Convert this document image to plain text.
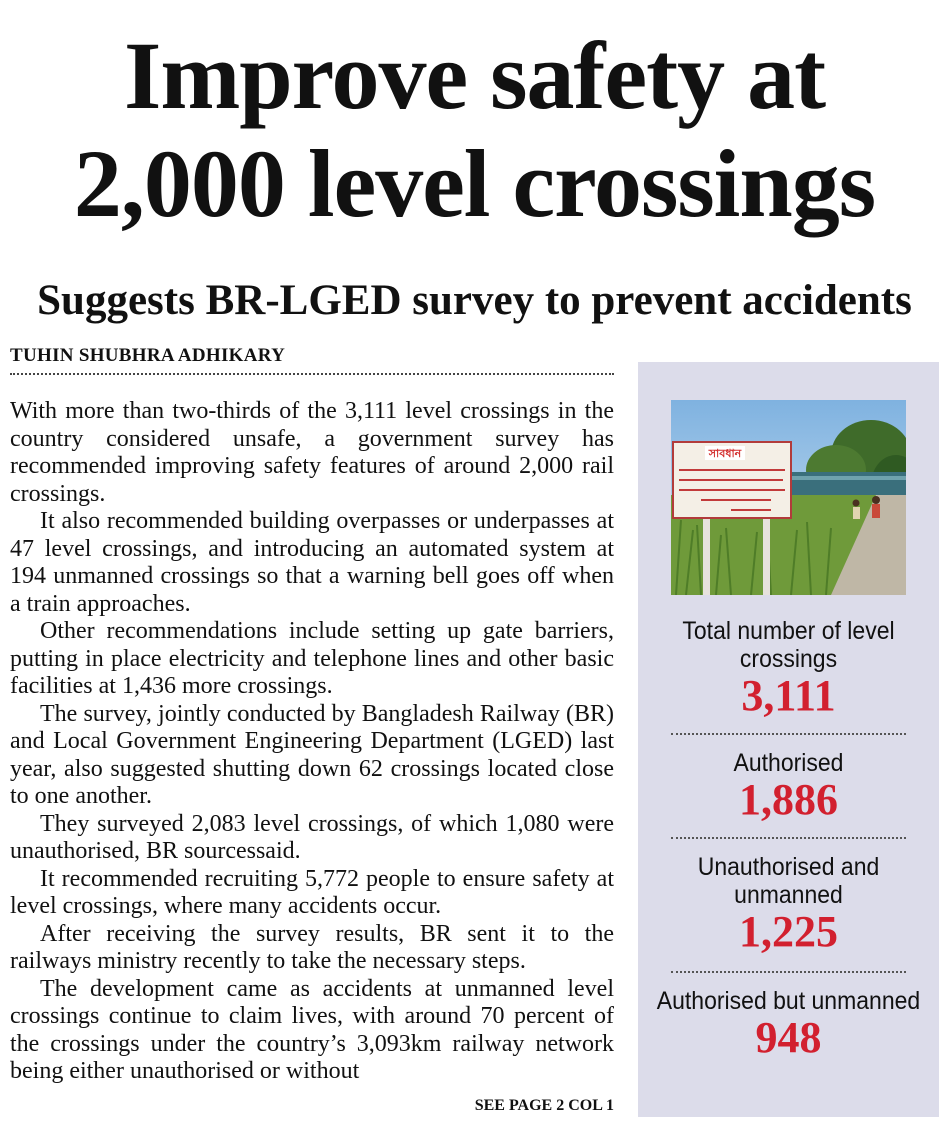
Improve safety at
2,000 level crossings
Suggests BR-LGED survey to prevent accidents
TUHIN SHUBHRA ADHIKARY

With more than two-thirds of the 3,111 level crossings in the country considered unsafe, a government survey has recommended improving safety features of around 2,000 rail crossings.

It also recommended building overpasses or underpasses at 47 level crossings, and introducing an automated system at 194 unmanned crossings so that a warning bell goes off when a train approaches.

Other recommendations include setting up gate barriers, putting in place electricity and telephone lines and other basic facilities at 1,436 more crossings.

The survey, jointly conducted by Bangladesh Railway (BR) and Local Government Engineering Department (LGED) last year, also suggested shutting down 62 crossings located close to one another.

They surveyed 2,083 level crossings, of which 1,080 were unauthorised, BR sourcessaid.

It recommended recruiting 5,772 people to ensure safety at level crossings, where many accidents occur.

After receiving the survey results, BR sent it to the railways ministry recently to take the necessary steps.

The development came as accidents at unmanned level crossings continue to claim lives, with around 70 percent of the crossings under the country’s 3,093km railway network being either unauthorised or without

SEE PAGE 2 COL 1
সাবধান
Total number of level crossings
3,111
Authorised
1,886
Unauthorised and unmanned
1,225
Authorised but unmanned
948
